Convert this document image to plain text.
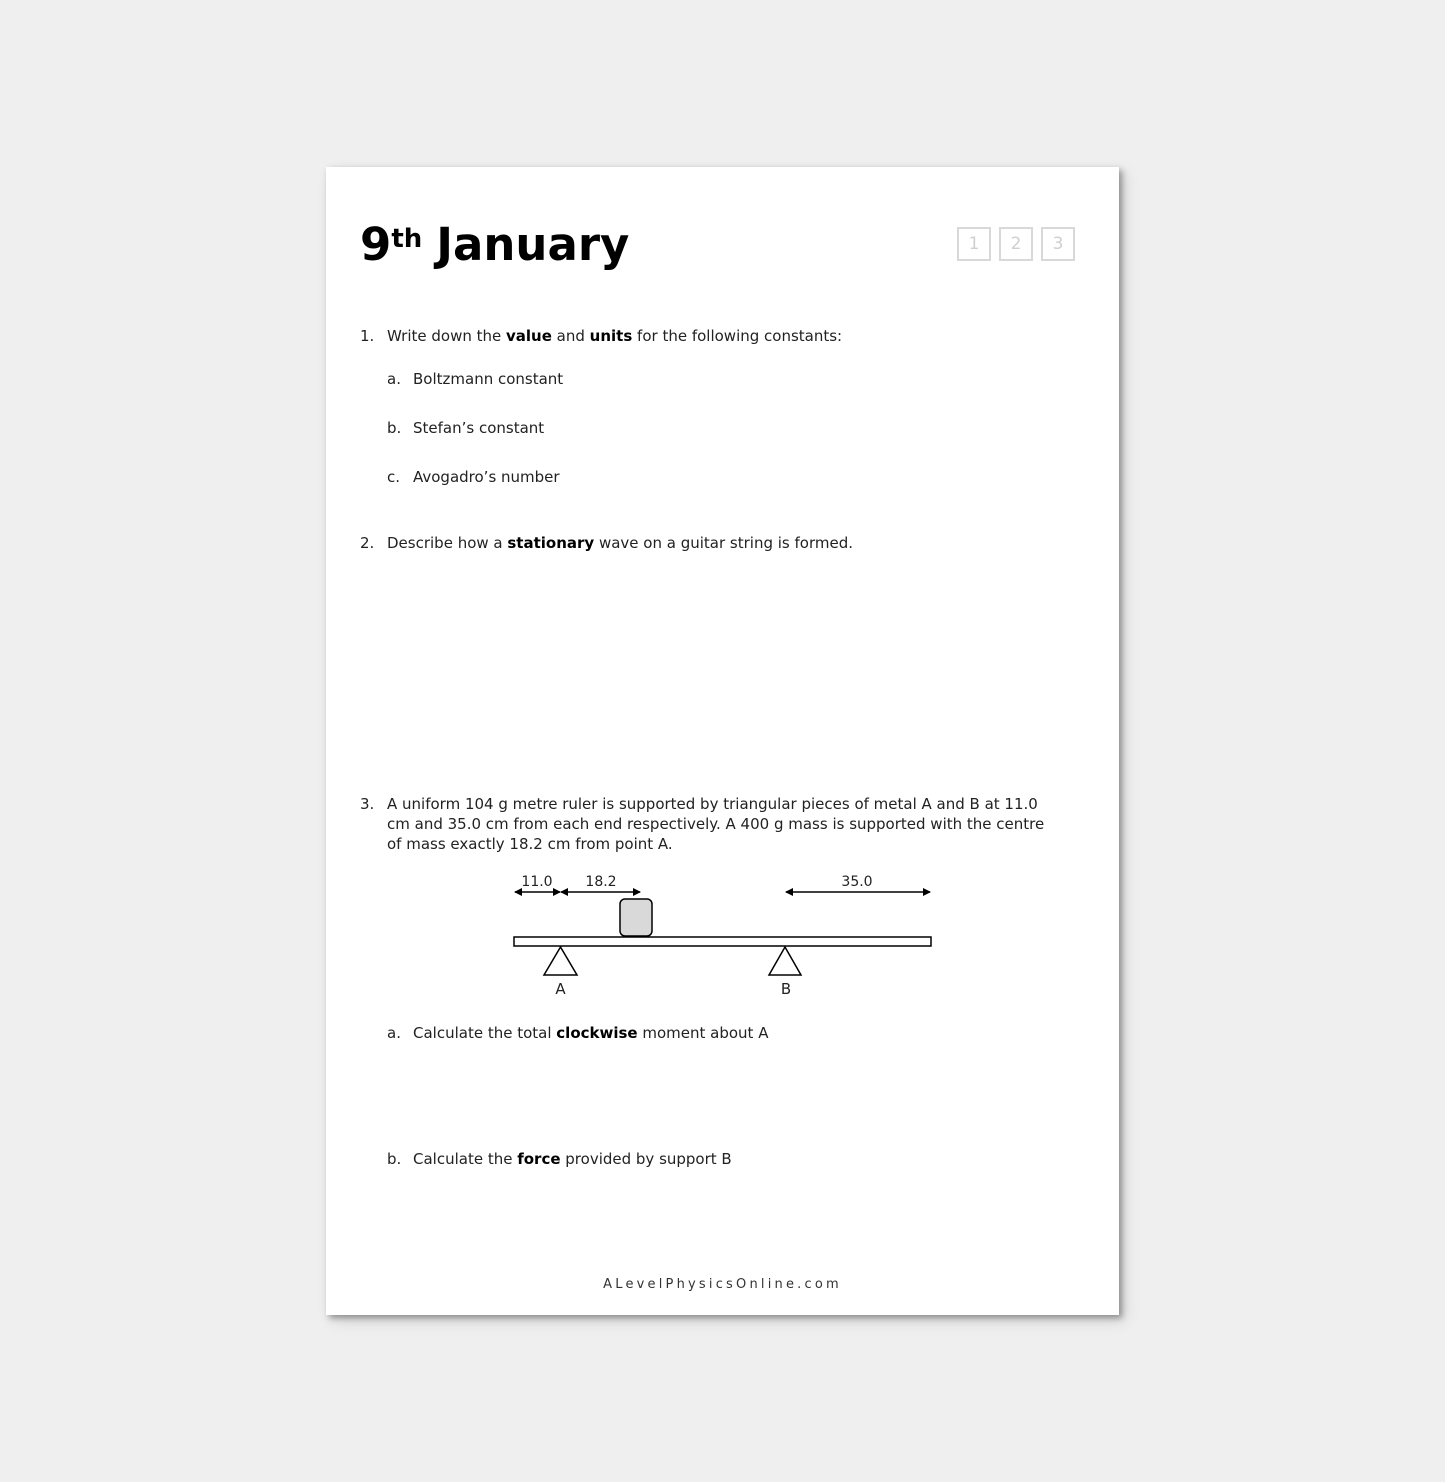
9th January	1	2	3
1. Write down the value and units for the following constants:
a. Boltzmann constant
b. Stefan’s constant
c. Avogadro’s number
2. Describe how a stationary wave on a guitar string is formed.
3. A uniform 104 g metre ruler is supported by triangular pieces of metal A and B at 11.0 cm and 35.0 cm from each end respectively. A 400 g mass is supported with the centre of mass exactly 18.2 cm from point A.
11.0 18.2	35.0
A	B
a. Calculate the total clockwise moment about A
b. Calculate the force provided by support B
ALevelPhysicsOnline.com
